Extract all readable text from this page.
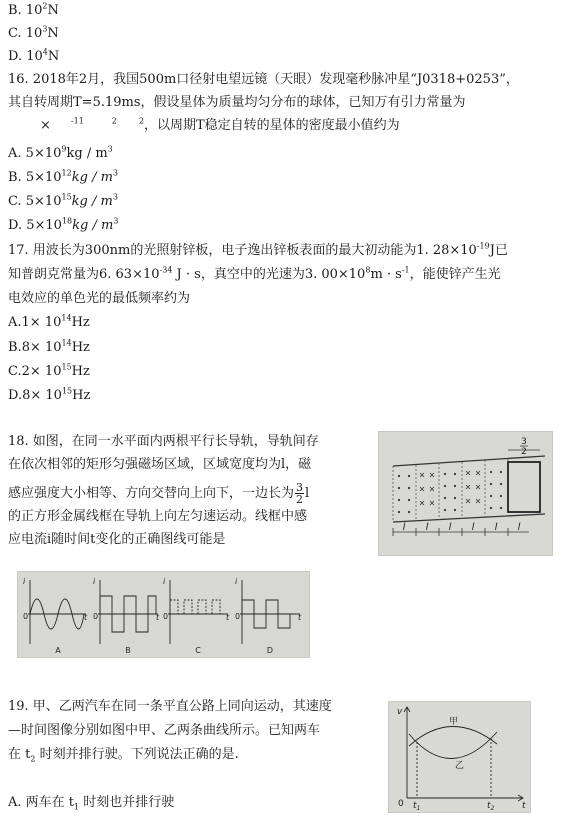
B. $10^2N$
C. $10^3N$
D. $10^4N$
16. 2018年2月，我国500m口径射电望远镜（天眼）发现毫秒脉冲星“J0318+0253”，
其自转周期T=5.19ms，假设星体为质量均匀分布的球体，已知万有引力常量为
×	$^{-11}$	$^2$	$^2$，以周期T稳定自转的星体的密度最小值约为
A. $5\times 10^9kg / m^3$
B. $5\times 10^{12}kg / m^3$
C. $5\times 10^{15}kg / m^3$
D. $5\times 10^{18}kg / m^3$
17. 用波长为300nm的光照射锌板，电子逸出锌板表面的最大初动能为1. $28\times 10^{-19}J$已
知普朗克常量为6. $63\times 10^{-34}$ J · s，真空中的光速为3. $00\times 10^8m \cdot s^{-1}$，能使锌产生光
电效应的单色光的最低频率约为
$A.1\times 10^{14}Hz$
$B.8\times 10^{14}Hz$
$C.2\times 10^{15}Hz$
$D.8\times 10^{15}Hz$
18. 如图，在同一水平面内两根平行长导轨，导轨间存
在依次相邻的矩形匀强磁场区域，区域宽度均为l，磁
感应强度大小相等、方向交替向上向下，一边长为 $\frac{3}{2}$ l
的正方形金属线框在导轨上向左匀速运动。线框中感
应电流i随时间t变化的正确图线可能是
3
2
l l l l l l
i
t
i
t
i
t
i
t
0	0	0	0
A	B	C	D
19. 甲、乙两汽车在同一条平直公路上同向运动，其速度
—时间图像分别如图中甲、乙两条曲线所示。已知两车
在 $t_2$ 时刻并排行驶。下列说法正确的是.
A. 两车在 $t_1$ 时刻也并排行驶
v
t
0
甲
乙
$t_1$	$t_2$
